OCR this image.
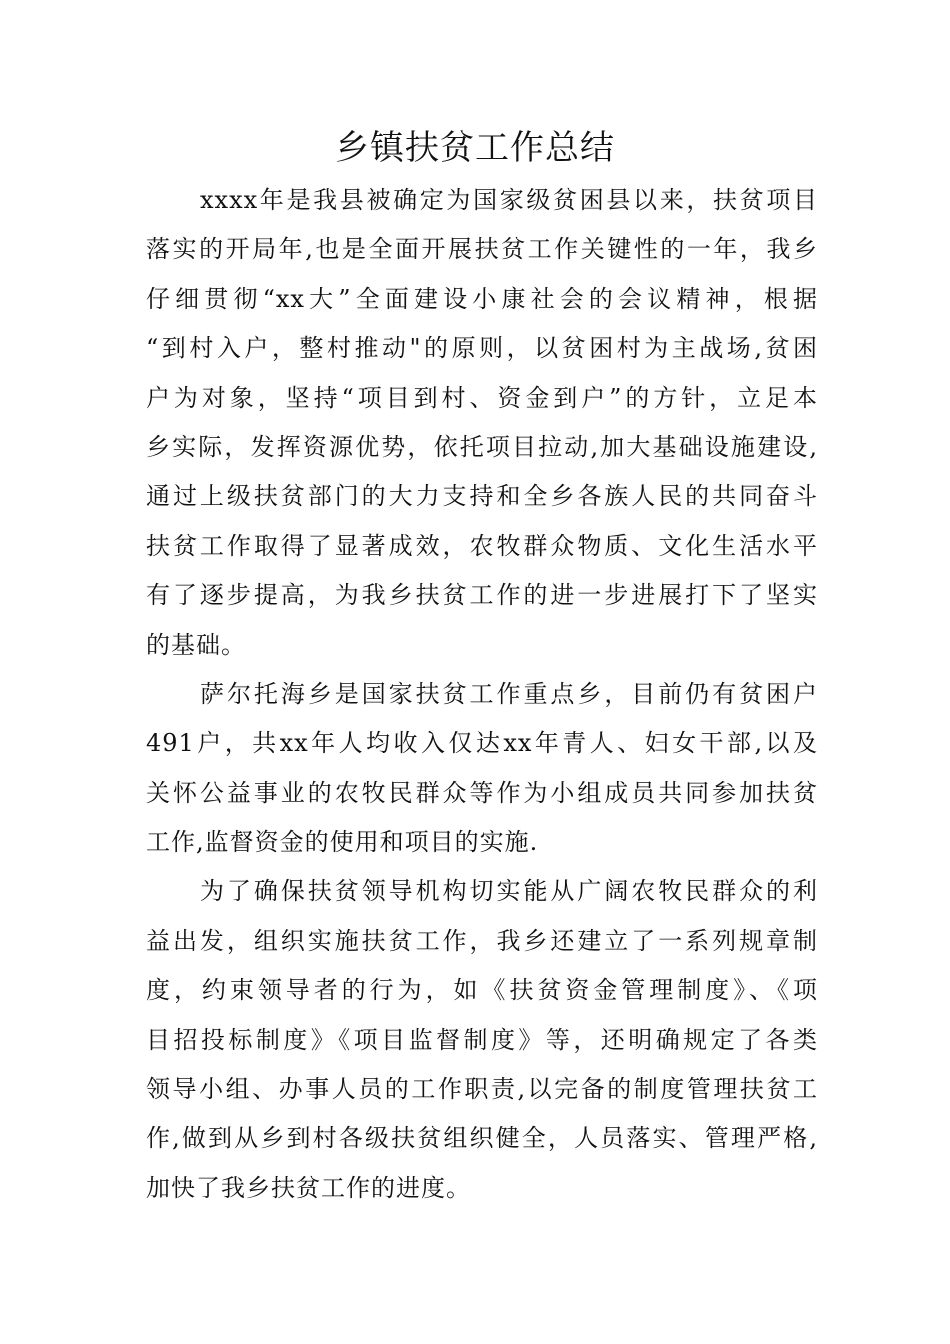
乡镇扶贫工作总结
xxxx年是我县被确定为国家级贫困县以来，扶贫项目
落实的开局年,也是全面开展扶贫工作关键性的一年，我乡
仔细贯彻“xx大”全面建设小康社会的会议精神，根据
“到村入户，整村推动"的原则，以贫困村为主战场,贫困
户为对象，坚持“项目到村、资金到户”的方针，立足本
乡实际，发挥资源优势，依托项目拉动,加大基础设施建设,
通过上级扶贫部门的大力支持和全乡各族人民的共同奋斗
扶贫工作取得了显著成效，农牧群众物质、文化生活水平
有了逐步提高，为我乡扶贫工作的进一步进展打下了坚实
的基础。
萨尔托海乡是国家扶贫工作重点乡，目前仍有贫困户
491户，共xx年人均收入仅达xx年青人、妇女干部,以及
关怀公益事业的农牧民群众等作为小组成员共同参加扶贫
工作,监督资金的使用和项目的实施.
为了确保扶贫领导机构切实能从广阔农牧民群众的利
益出发，组织实施扶贫工作，我乡还建立了一系列规章制
度，约束领导者的行为，如《扶贫资金管理制度》、《项
目招投标制度》《项目监督制度》等，还明确规定了各类
领导小组、办事人员的工作职责,以完备的制度管理扶贫工
作,做到从乡到村各级扶贫组织健全，人员落实、管理严格,
加快了我乡扶贫工作的进度。
